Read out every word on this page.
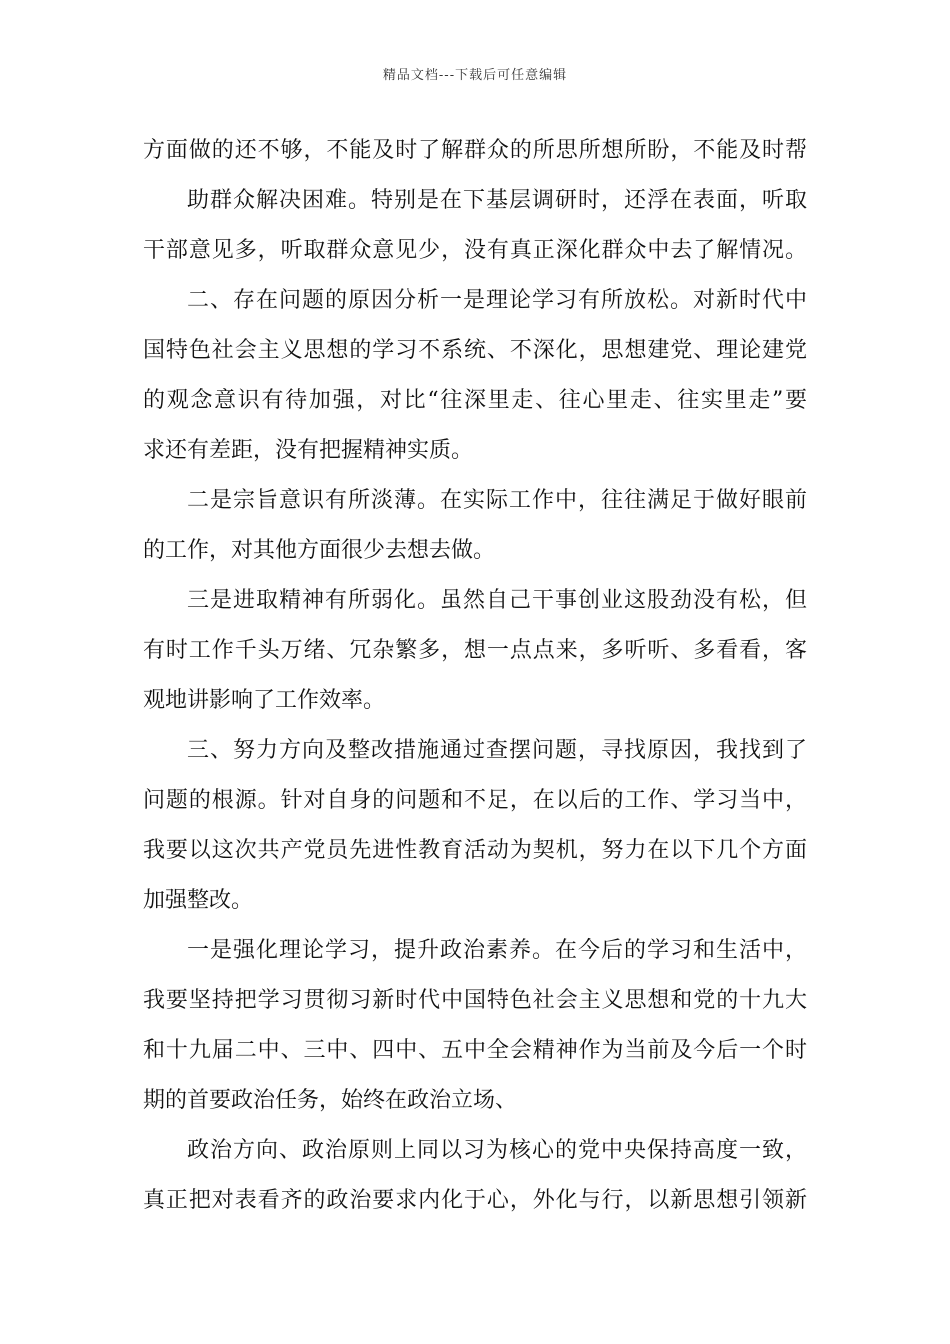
精品文档---下载后可任意编辑
方面做的还不够，不能及时了解群众的所思所想所盼，不能及时帮
助群众解决困难。特别是在下基层调研时，还浮在表面，听取
干部意见多，听取群众意见少，没有真正深化群众中去了解情况。
二、存在问题的原因分析一是理论学习有所放松。对新时代中
国特色社会主义思想的学习不系统、不深化，思想建党、理论建党
的观念意识有待加强，对比“往深里走、往心里走、往实里走”要
求还有差距，没有把握精神实质。
二是宗旨意识有所淡薄。在实际工作中，往往满足于做好眼前
的工作，对其他方面很少去想去做。
三是进取精神有所弱化。虽然自己干事创业这股劲没有松，但
有时工作千头万绪、冗杂繁多，想一点点来，多听听、多看看，客
观地讲影响了工作效率。
三、努力方向及整改措施通过查摆问题，寻找原因，我找到了
问题的根源。针对自身的问题和不足，在以后的工作、学习当中，
我要以这次共产党员先进性教育活动为契机，努力在以下几个方面
加强整改。
一是强化理论学习，提升政治素养。在今后的学习和生活中，
我要坚持把学习贯彻习新时代中国特色社会主义思想和党的十九大
和十九届二中、三中、四中、五中全会精神作为当前及今后一个时
期的首要政治任务，始终在政治立场、
政治方向、政治原则上同以习为核心的党中央保持高度一致，
真正把对表看齐的政治要求内化于心，外化与行，以新思想引领新
